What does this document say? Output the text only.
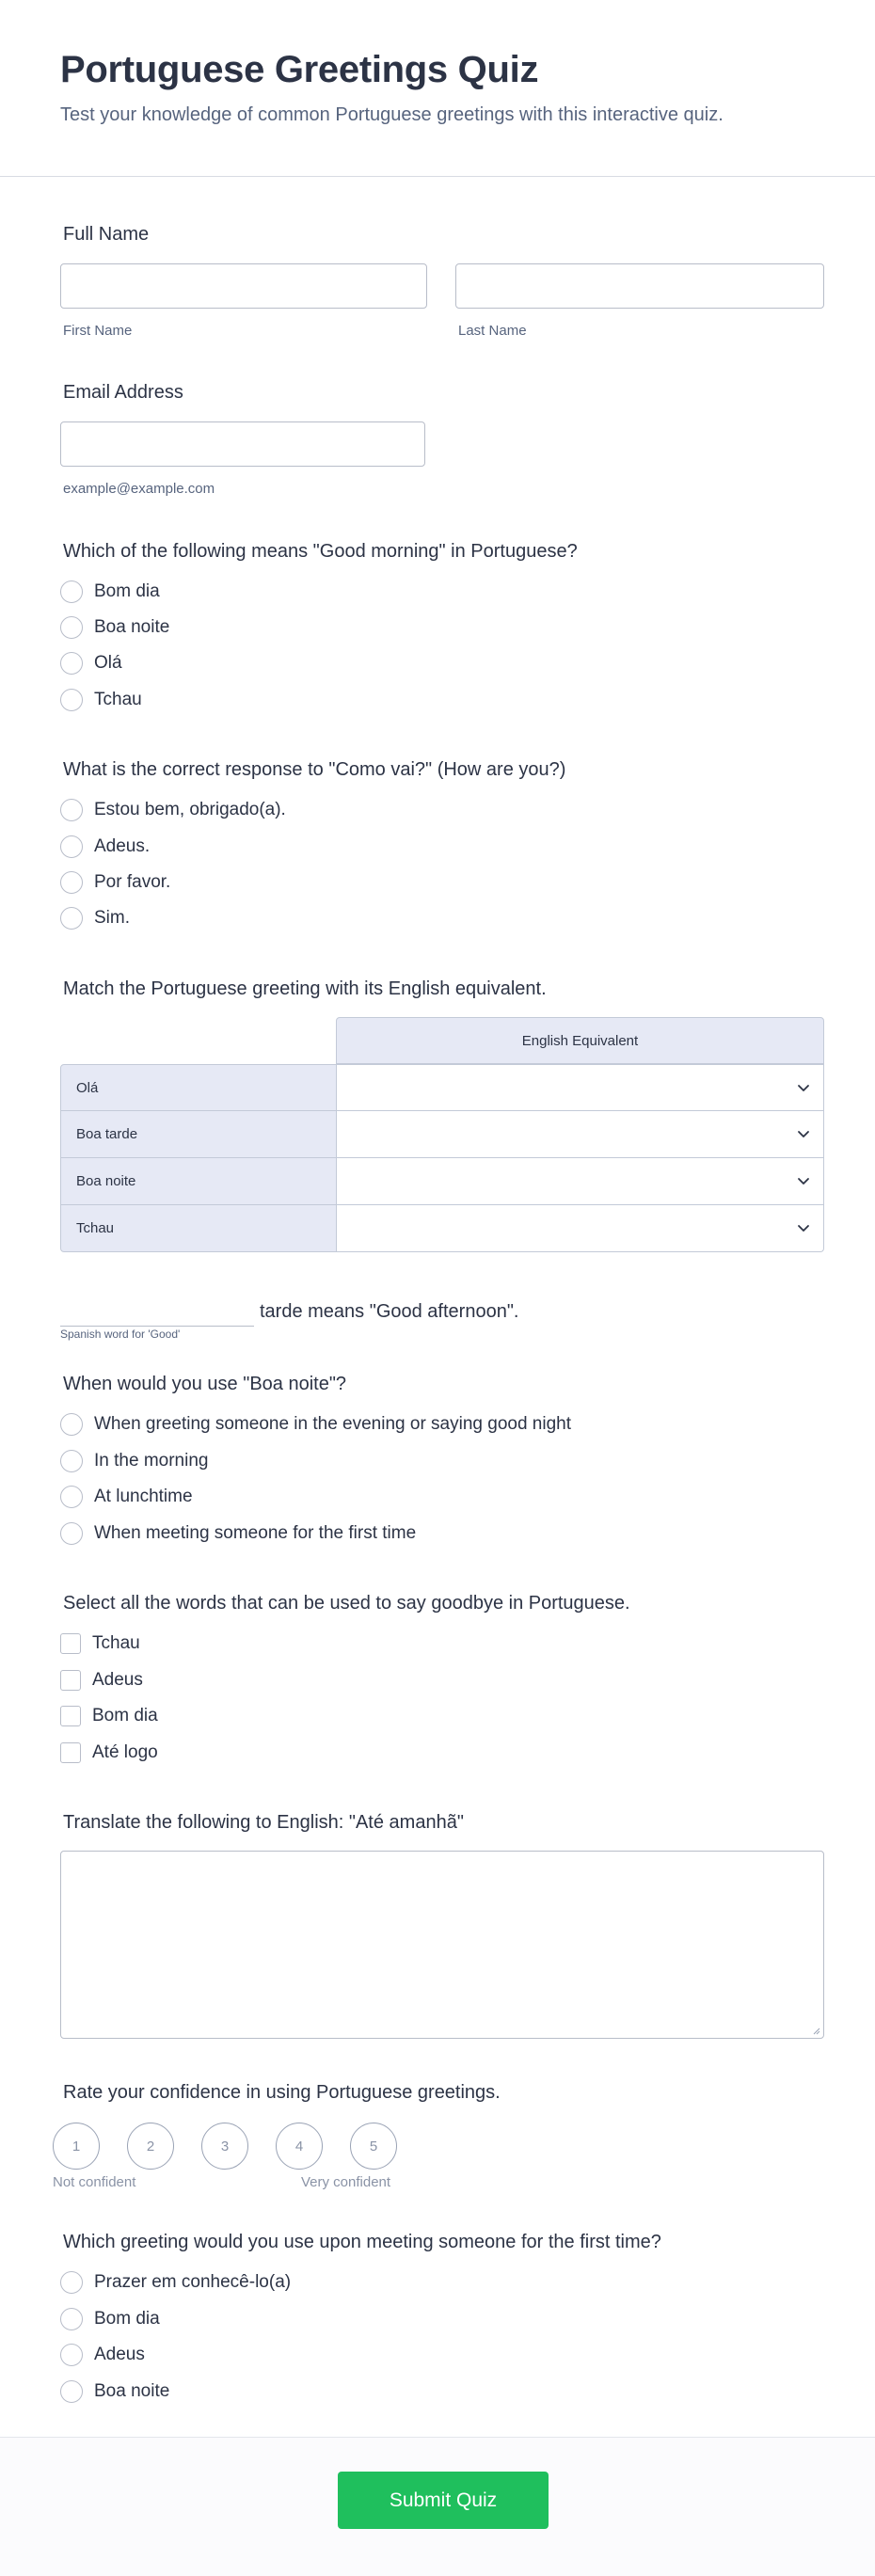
Portuguese Greetings Quiz
Test your knowledge of common Portuguese greetings with this interactive quiz.
Full Name
First Name	Last Name
Email Address
example@example.com
Which of the following means "Good morning" in Portuguese?
Bom dia
Boa noite
Olá
Tchau
What is the correct response to "Como vai?" (How are you?)
Estou bem, obrigado(a).
Adeus.
Por favor.
Sim.
Match the Portuguese greeting with its English equivalent.
English Equivalent
Olá
Boa tarde
Boa noite
Tchau
tarde means "Good afternoon".
Spanish word for 'Good'
When would you use "Boa noite"?
When greeting someone in the evening or saying good night
In the morning
At lunchtime
When meeting someone for the first time
Select all the words that can be used to say goodbye in Portuguese.
Tchau
Adeus
Bom dia
Até logo
Translate the following to English: "Até amanhã"
Rate your confidence in using Portuguese greetings.
1	2	3	4	5
Not confident	Very confident
Which greeting would you use upon meeting someone for the first time?
Prazer em conhecê-lo(a)
Bom dia
Adeus
Boa noite
Submit Quiz
